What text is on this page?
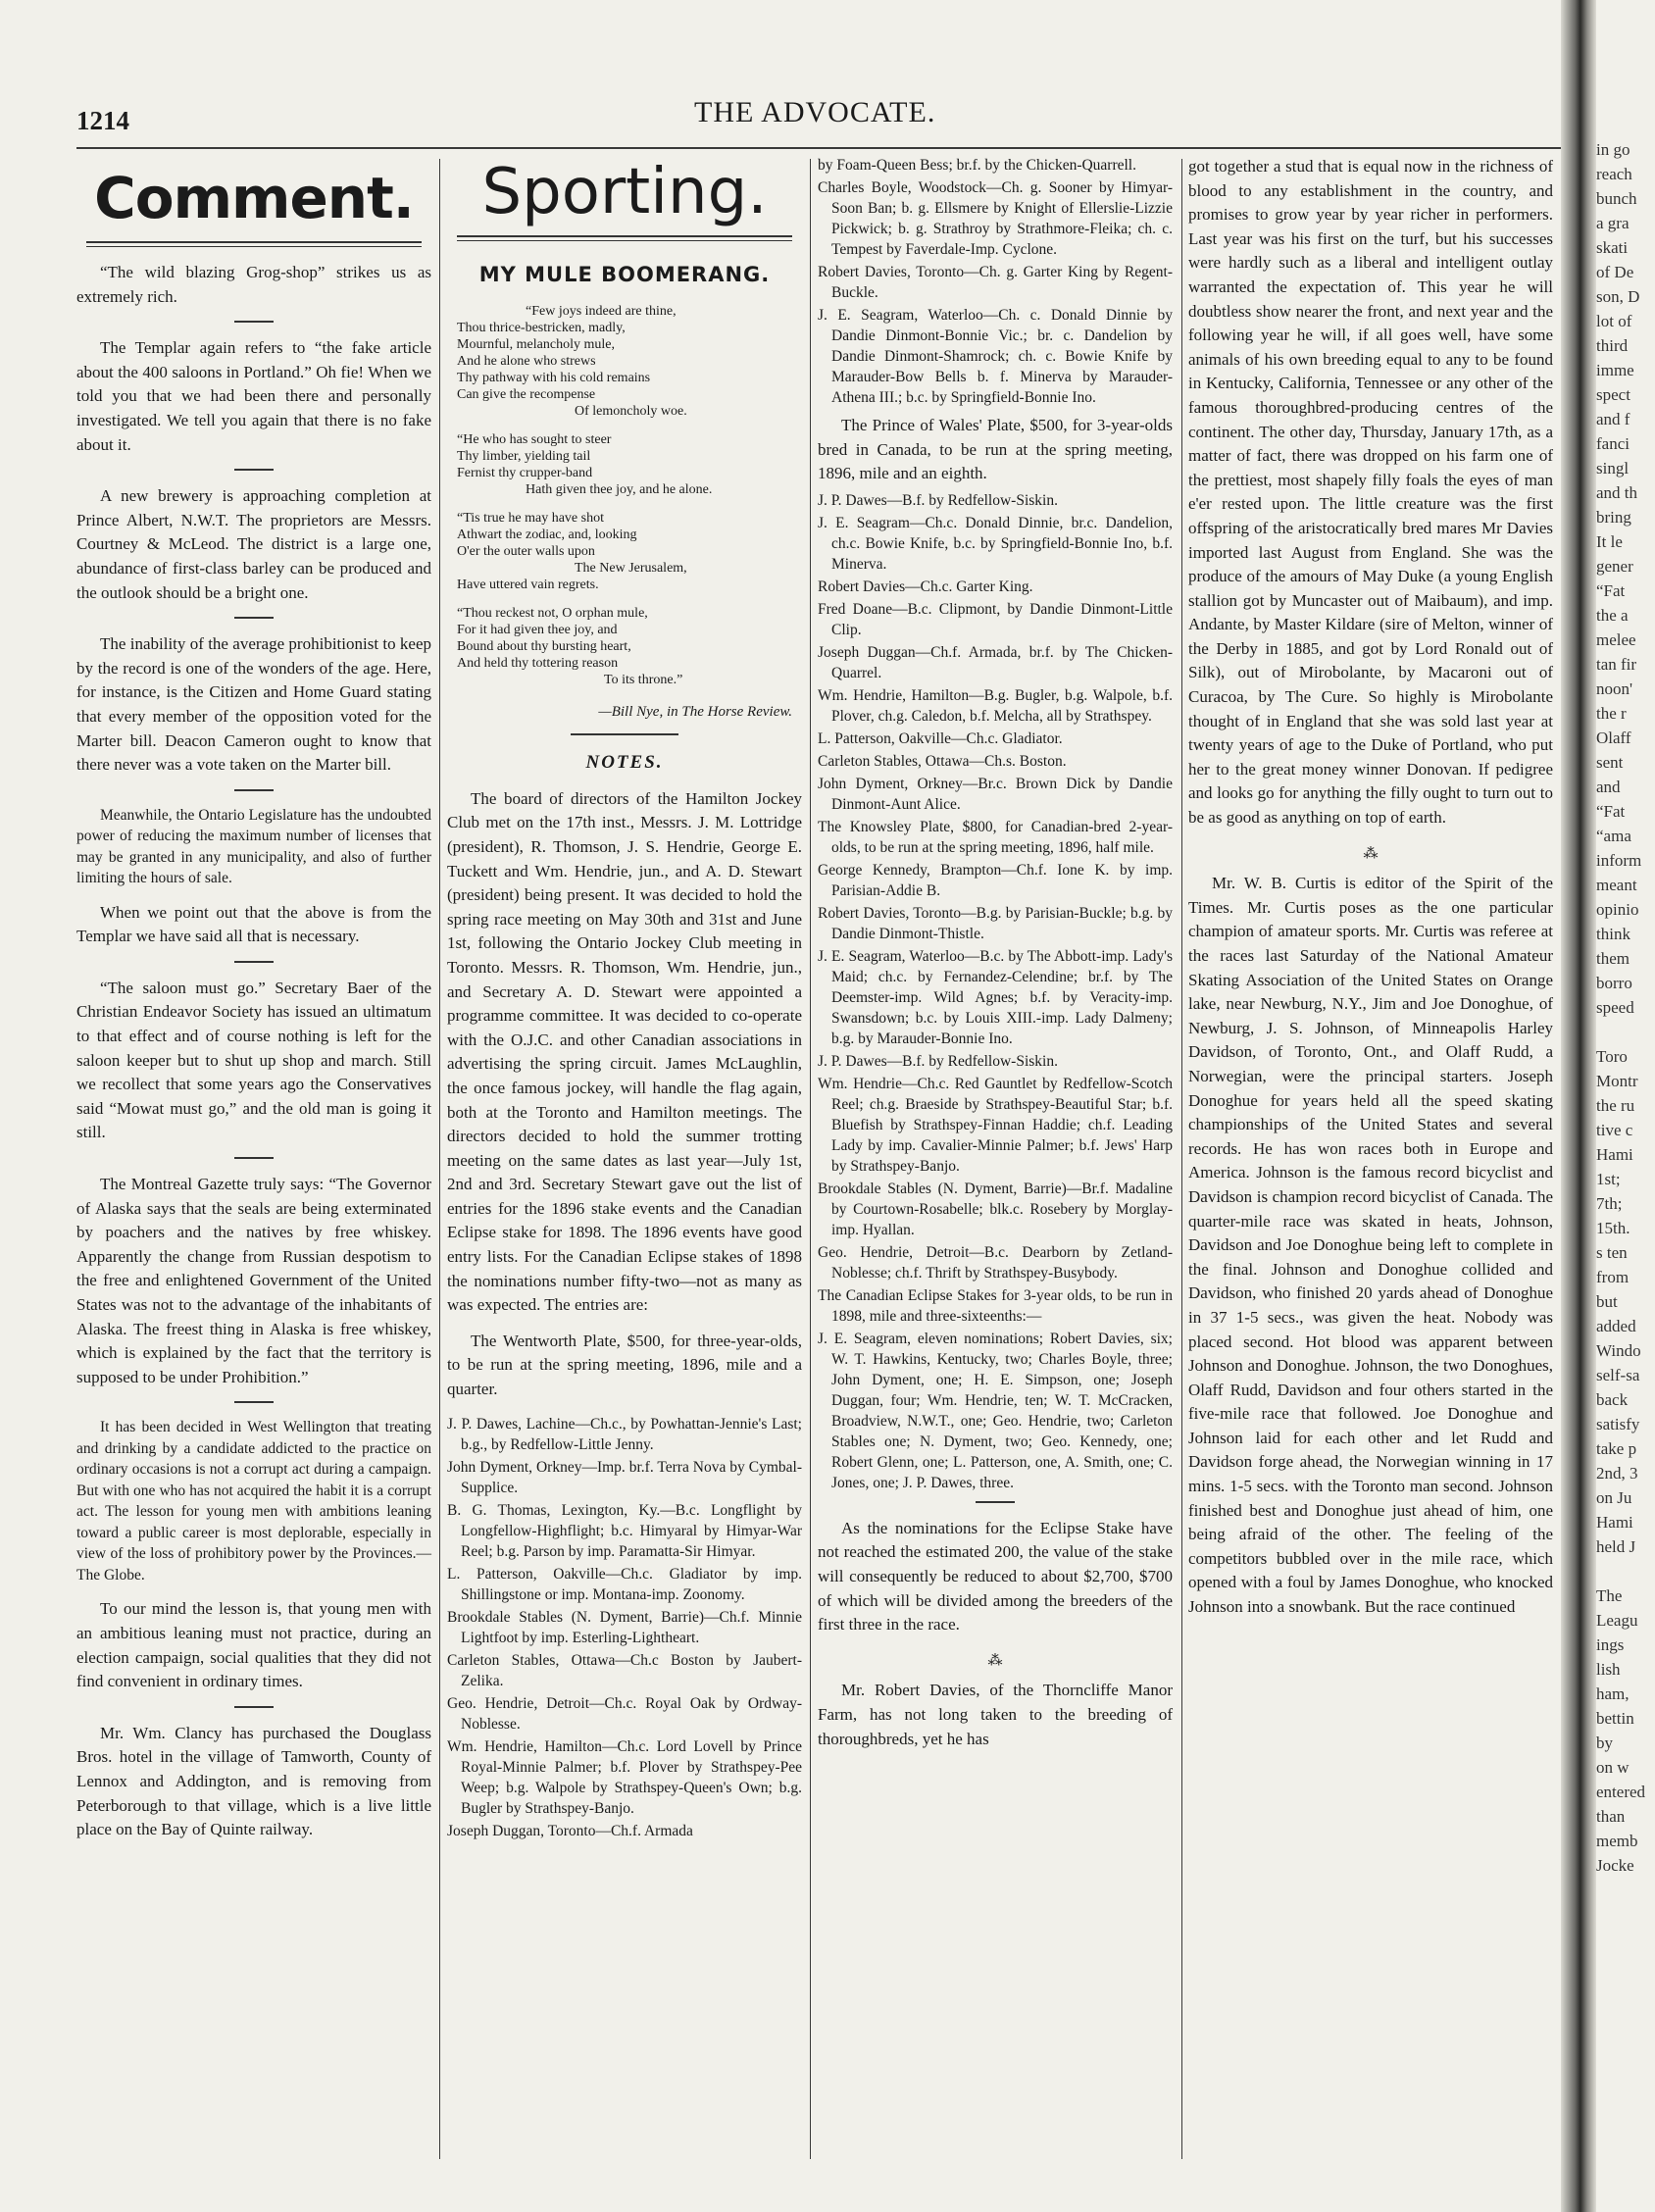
1214	THE ADVOCATE.
Comment.

“The wild blazing Grog-shop” strikes us as extremely rich.

The Templar again refers to “the fake article about the 400 saloons in Portland.” Oh fie! When we told you that we had been there and personally investigated. We tell you again that there is no fake about it.

A new brewery is approaching completion at Prince Albert, N.W.T. The proprietors are Messrs. Courtney & McLeod. The district is a large one, abundance of first-class barley can be produced and the outlook should be a bright one.

The inability of the average prohibitionist to keep by the record is one of the wonders of the age. Here, for instance, is the Citizen and Home Guard stating that every member of the opposition voted for the Marter bill. Deacon Cameron ought to know that there never was a vote taken on the Marter bill.

Meanwhile, the Ontario Legislature has the undoubted power of reducing the maximum number of licenses that may be granted in any municipality, and also of further limiting the hours of sale.

When we point out that the above is from the Templar we have said all that is necessary.

“The saloon must go.” Secretary Baer of the Christian Endeavor Society has issued an ultimatum to that effect and of course nothing is left for the saloon keeper but to shut up shop and march. Still we recollect that some years ago the Conservatives said “Mowat must go,” and the old man is going it still.

The Montreal Gazette truly says: “The Governor of Alaska says that the seals are being exterminated by poachers and the natives by free whiskey. Apparently the change from Russian despotism to the free and enlightened Government of the United States was not to the advantage of the inhabitants of Alaska. The freest thing in Alaska is free whiskey, which is explained by the fact that the territory is supposed to be under Prohibition.”

It has been decided in West Wellington that treating and drinking by a candidate addicted to the practice on ordinary occasions is not a corrupt act during a campaign. But with one who has not acquired the habit it is a corrupt act. The lesson for young men with ambitions leaning toward a public career is most deplorable, especially in view of the loss of prohibitory power by the Provinces.—The Globe.

To our mind the lesson is, that young men with an ambitious leaning must not practice, during an election campaign, social qualities that they did not find convenient in ordinary times.

Mr. Wm. Clancy has purchased the Douglass Bros. hotel in the village of Tamworth, County of Lennox and Addington, and is removing from Peterborough to that village, which is a live little place on the Bay of Quinte railway.

Sporting.
MY MULE BOOMERANG.
“Few joys indeed are thine,
Thou thrice-bestricken, madly,
Mournful, melancholy mule,
And he alone who strews
Thy pathway with his cold remains
Can give the recompense
Of lemoncholy woe.
“He who has sought to steer
Thy limber, yielding tail
Fernist thy crupper-band
Hath given thee joy, and he alone.
“Tis true he may have shot
Athwart the zodiac, and, looking
O'er the outer walls upon
The New Jerusalem,
Have uttered vain regrets.
“Thou reckest not, O orphan mule,
For it had given thee joy, and
Bound about thy bursting heart,
And held thy tottering reason
To its throne.”
—Bill Nye, in The Horse Review.
NOTES.

The board of directors of the Hamilton Jockey Club met on the 17th inst., Messrs. J. M. Lottridge (president), R. Thomson, J. S. Hendrie, George E. Tuckett and Wm. Hendrie, jun., and A. D. Stewart (president) being present. It was decided to hold the spring race meeting on May 30th and 31st and June 1st, following the Ontario Jockey Club meeting in Toronto. Messrs. R. Thomson, Wm. Hendrie, jun., and Secretary A. D. Stewart were appointed a programme committee. It was decided to co-operate with the O.J.C. and other Canadian associations in advertising the spring circuit. James McLaughlin, the once famous jockey, will handle the flag again, both at the Toronto and Hamilton meetings. The directors decided to hold the summer trotting meeting on the same dates as last year—July 1st, 2nd and 3rd. Secretary Stewart gave out the list of entries for the 1896 stake events and the Canadian Eclipse stake for 1898. The 1896 events have good entry lists. For the Canadian Eclipse stakes of 1898 the nominations number fifty-two—not as many as was expected. The entries are:

The Wentworth Plate, $500, for three-year-olds, to be run at the spring meeting, 1896, mile and a quarter.

J. P. Dawes, Lachine—Ch.c., by Powhattan-Jennie's Last; b.g., by Redfellow-Little Jenny.

John Dyment, Orkney—Imp. br.f. Terra Nova by Cymbal-Supplice.

B. G. Thomas, Lexington, Ky.—B.c. Longflight by Longfellow-Highflight; b.c. Himyaral by Himyar-War Reel; b.g. Parson by imp. Paramatta-Sir Himyar.

L. Patterson, Oakville—Ch.c. Gladiator by imp. Shillingstone or imp. Montana-imp. Zoonomy.

Brookdale Stables (N. Dyment, Barrie)—Ch.f. Minnie Lightfoot by imp. Esterling-Lightheart.

Carleton Stables, Ottawa—Ch.c Boston by Jaubert-Zelika.

Geo. Hendrie, Detroit—Ch.c. Royal Oak by Ordway-Noblesse.

Wm. Hendrie, Hamilton—Ch.c. Lord Lovell by Prince Royal-Minnie Palmer; b.f. Plover by Strathspey-Pee Weep; b.g. Walpole by Strathspey-Queen's Own; b.g. Bugler by Strathspey-Banjo.

Joseph Duggan, Toronto—Ch.f. Armada

by Foam-Queen Bess; br.f. by the Chicken-Quarrell.

Charles Boyle, Woodstock—Ch. g. Sooner by Himyar-Soon Ban; b. g. Ellsmere by Knight of Ellerslie-Lizzie Pickwick; b. g. Strathroy by Strathmore-Fleika; ch. c. Tempest by Faverdale-Imp. Cyclone.

Robert Davies, Toronto—Ch. g. Garter King by Regent-Buckle.

J. E. Seagram, Waterloo—Ch. c. Donald Dinnie by Dandie Dinmont-Bonnie Vic.; br. c. Dandelion by Dandie Dinmont-Shamrock; ch. c. Bowie Knife by Marauder-Bow Bells b. f. Minerva by Marauder-Athena III.; b.c. by Springfield-Bonnie Ino.

The Prince of Wales' Plate, $500, for 3-year-olds bred in Canada, to be run at the spring meeting, 1896, mile and an eighth.

J. P. Dawes—B.f. by Redfellow-Siskin.

J. E. Seagram—Ch.c. Donald Dinnie, br.c. Dandelion, ch.c. Bowie Knife, b.c. by Springfield-Bonnie Ino, b.f. Minerva.

Robert Davies—Ch.c. Garter King.

Fred Doane—B.c. Clipmont, by Dandie Dinmont-Little Clip.

Joseph Duggan—Ch.f. Armada, br.f. by The Chicken-Quarrel.

Wm. Hendrie, Hamilton—B.g. Bugler, b.g. Walpole, b.f. Plover, ch.g. Caledon, b.f. Melcha, all by Strathspey.

L. Patterson, Oakville—Ch.c. Gladiator.

Carleton Stables, Ottawa—Ch.s. Boston.

John Dyment, Orkney—Br.c. Brown Dick by Dandie Dinmont-Aunt Alice.

The Knowsley Plate, $800, for Canadian-bred 2-year-olds, to be run at the spring meeting, 1896, half mile.

George Kennedy, Brampton—Ch.f. Ione K. by imp. Parisian-Addie B.

Robert Davies, Toronto—B.g. by Parisian-Buckle; b.g. by Dandie Dinmont-Thistle.

J. E. Seagram, Waterloo—B.c. by The Abbott-imp. Lady's Maid; ch.c. by Fernandez-Celendine; br.f. by The Deemster-imp. Wild Agnes; b.f. by Veracity-imp. Swansdown; b.c. by Louis XIII.-imp. Lady Dalmeny; b.g. by Marauder-Bonnie Ino.

J. P. Dawes—B.f. by Redfellow-Siskin.

Wm. Hendrie—Ch.c. Red Gauntlet by Redfellow-Scotch Reel; ch.g. Braeside by Strathspey-Beautiful Star; b.f. Bluefish by Strathspey-Finnan Haddie; ch.f. Leading Lady by imp. Cavalier-Minnie Palmer; b.f. Jews' Harp by Strathspey-Banjo.

Brookdale Stables (N. Dyment, Barrie)—Br.f. Madaline by Courtown-Rosabelle; blk.c. Rosebery by Morglay-imp. Hyallan.

Geo. Hendrie, Detroit—B.c. Dearborn by Zetland-Noblesse; ch.f. Thrift by Strathspey-Busybody.

The Canadian Eclipse Stakes for 3-year olds, to be run in 1898, mile and three-sixteenths:—

J. E. Seagram, eleven nominations; Robert Davies, six; W. T. Hawkins, Kentucky, two; Charles Boyle, three; John Dyment, one; H. E. Simpson, one; Joseph Duggan, four; Wm. Hendrie, ten; W. T. McCracken, Broadview, N.W.T., one; Geo. Hendrie, two; Carleton Stables one; N. Dyment, two; Geo. Kennedy, one; Robert Glenn, one; L. Patterson, one, A. Smith, one; C. Jones, one; J. P. Dawes, three.

As the nominations for the Eclipse Stake have not reached the estimated 200, the value of the stake will consequently be reduced to about $2,700, $700 of which will be divided among the breeders of the first three in the race.

⁂

Mr. Robert Davies, of the Thorncliffe Manor Farm, has not long taken to the breeding of thoroughbreds, yet he has

got together a stud that is equal now in the richness of blood to any establishment in the country, and promises to grow year by year richer in performers. Last year was his first on the turf, but his successes were hardly such as a liberal and intelligent outlay warranted the expectation of. This year he will doubtless show nearer the front, and next year and the following year he will, if all goes well, have some animals of his own breeding equal to any to be found in Kentucky, California, Tennessee or any other of the famous thoroughbred-producing centres of the continent. The other day, Thursday, January 17th, as a matter of fact, there was dropped on his farm one of the prettiest, most shapely filly foals the eyes of man e'er rested upon. The little creature was the first offspring of the aristocratically bred mares Mr Davies imported last August from England. She was the produce of the amours of May Duke (a young English stallion got by Muncaster out of Maibaum), and imp. Andante, by Master Kildare (sire of Melton, winner of the Derby in 1885, and got by Lord Ronald out of Silk), out of Mirobolante, by Macaroni out of Curacoa, by The Cure. So highly is Mirobolante thought of in England that she was sold last year at twenty years of age to the Duke of Portland, who put her to the great money winner Donovan. If pedigree and looks go for anything the filly ought to turn out to be as good as anything on top of earth.

⁂

Mr. W. B. Curtis is editor of the Spirit of the Times. Mr. Curtis poses as the one particular champion of amateur sports. Mr. Curtis was referee at the races last Saturday of the National Amateur Skating Association of the United States on Orange lake, near Newburg, N.Y., Jim and Joe Donoghue, of Newburg, J. S. Johnson, of Minneapolis Harley Davidson, of Toronto, Ont., and Olaff Rudd, a Norwegian, were the principal starters. Joseph Donoghue for years held all the speed skating championships of the United States and several records. He has won races both in Europe and America. Johnson is the famous record bicyclist and Davidson is champion record bicyclist of Canada. The quarter-mile race was skated in heats, Johnson, Davidson and Joe Donoghue being left to complete in the final. Johnson and Donoghue collided and Davidson, who finished 20 yards ahead of Donoghue in 37 1-5 secs., was given the heat. Nobody was placed second. Hot blood was apparent between Johnson and Donoghue. Johnson, the two Donoghues, Olaff Rudd, Davidson and four others started in the five-mile race that followed. Joe Donoghue and Johnson laid for each other and let Rudd and Davidson forge ahead, the Norwegian winning in 17 mins. 1-5 secs. with the Toronto man second. Johnson finished best and Donoghue just ahead of him, one being afraid of the other. The feeling of the competitors bubbled over in the mile race, which opened with a foul by James Donoghue, who knocked Johnson into a snowbank. But the race continued

in go
reach
bunch
a gra
skati
of De
son, D
lot of
third
imme
spect
and f
fanci
singl
and th
bring
It le
gener
“Fat
the a
melee
tan fir
noon'
the r
Olaff
sent
and
“Fat
“ama
inform
meant
opinio
think
them
borro
speed
Toro
Montr
the ru
tive c
Hami
1st;
7th;
15th.
s ten
from
but
added
Windo
self-sa
back
satisfy
take p
2nd, 3
on Ju
Hami
held J
The
Leagu
ings
lish
ham,
bettin
by
on w
entered
than
memb
Jocke
